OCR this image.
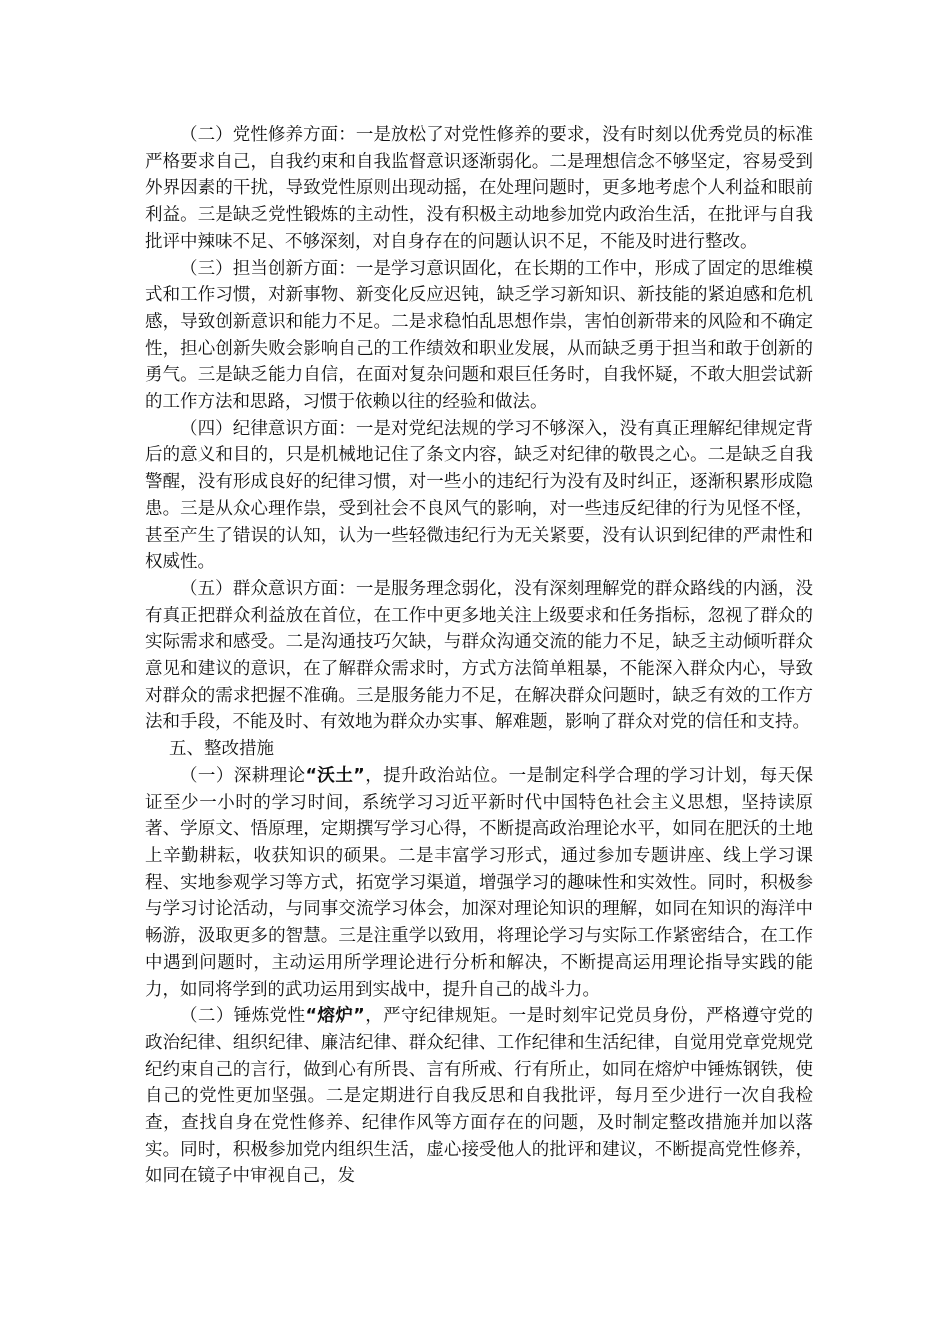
（二）党性修养方面：一是放松了对党性修养的要求，没有时刻以优秀党员的标准严格要求自己，自我约束和自我监督意识逐渐弱化。二是理想信念不够坚定，容易受到外界因素的干扰，导致党性原则出现动摇，在处理问题时，更多地考虑个人利益和眼前利益。三是缺乏党性锻炼的主动性，没有积极主动地参加党内政治生活，在批评与自我批评中辣味不足、不够深刻，对自身存在的问题认识不足，不能及时进行整改。

（三）担当创新方面：一是学习意识固化，在长期的工作中，形成了固定的思维模式和工作习惯，对新事物、新变化反应迟钝，缺乏学习新知识、新技能的紧迫感和危机感，导致创新意识和能力不足。二是求稳怕乱思想作祟，害怕创新带来的风险和不确定性，担心创新失败会影响自己的工作绩效和职业发展，从而缺乏勇于担当和敢于创新的勇气。三是缺乏能力自信，在面对复杂问题和艰巨任务时，自我怀疑，不敢大胆尝试新的工作方法和思路，习惯于依赖以往的经验和做法。

（四）纪律意识方面：一是对党纪法规的学习不够深入，没有真正理解纪律规定背后的意义和目的，只是机械地记住了条文内容，缺乏对纪律的敬畏之心。二是缺乏自我警醒，没有形成良好的纪律习惯，对一些小的违纪行为没有及时纠正，逐渐积累形成隐患。三是从众心理作祟，受到社会不良风气的影响，对一些违反纪律的行为见怪不怪，甚至产生了错误的认知，认为一些轻微违纪行为无关紧要，没有认识到纪律的严肃性和权威性。

（五）群众意识方面：一是服务理念弱化，没有深刻理解党的群众路线的内涵，没有真正把群众利益放在首位，在工作中更多地关注上级要求和任务指标，忽视了群众的实际需求和感受。二是沟通技巧欠缺，与群众沟通交流的能力不足，缺乏主动倾听群众意见和建议的意识，在了解群众需求时，方式方法简单粗暴，不能深入群众内心，导致对群众的需求把握不准确。三是服务能力不足，在解决群众问题时，缺乏有效的工作方法和手段，不能及时、有效地为群众办实事、解难题，影响了群众对党的信任和支持。

五、整改措施

（一）深耕理论“沃土”，提升政治站位。一是制定科学合理的学习计划，每天保证至少一小时的学习时间，系统学习习近平新时代中国特色社会主义思想，坚持读原著、学原文、悟原理，定期撰写学习心得，不断提高政治理论水平，如同在肥沃的土地上辛勤耕耘，收获知识的硕果。二是丰富学习形式，通过参加专题讲座、线上学习课程、实地参观学习等方式，拓宽学习渠道，增强学习的趣味性和实效性。同时，积极参与学习讨论活动，与同事交流学习体会，加深对理论知识的理解，如同在知识的海洋中畅游，汲取更多的智慧。三是注重学以致用，将理论学习与实际工作紧密结合，在工作中遇到问题时，主动运用所学理论进行分析和解决，不断提高运用理论指导实践的能力，如同将学到的武功运用到实战中，提升自己的战斗力。

（二）锤炼党性“熔炉”，严守纪律规矩。一是时刻牢记党员身份，严格遵守党的政治纪律、组织纪律、廉洁纪律、群众纪律、工作纪律和生活纪律，自觉用党章党规党纪约束自己的言行，做到心有所畏、言有所戒、行有所止，如同在熔炉中锤炼钢铁，使自己的党性更加坚强。二是定期进行自我反思和自我批评，每月至少进行一次自我检查，查找自身在党性修养、纪律作风等方面存在的问题，及时制定整改措施并加以落实。同时，积极参加党内组织生活，虚心接受他人的批评和建议，不断提高党性修养，如同在镜子中审视自己，发
